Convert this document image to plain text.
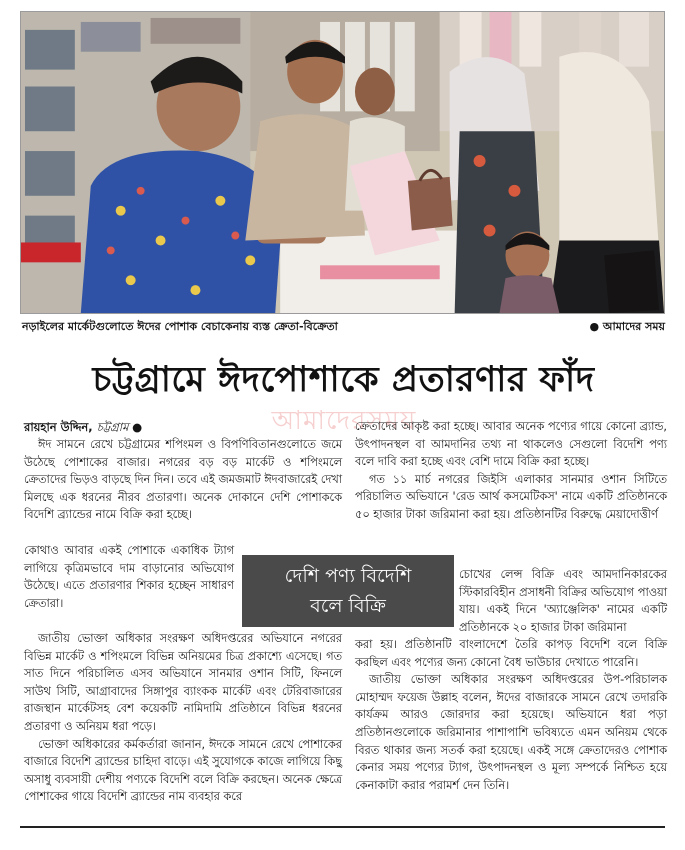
নড়াইলের মার্কেটগুলোতে ঈদের পোশাক বেচাকেনায় ব্যস্ত ক্রেতা-বিক্রেতা	● আমাদের সময়
চট্টগ্রামে ঈদপোশাকে প্রতারণার ফাঁদ
আমাদেরসময়
রায়হান উদ্দিন, চট্টগ্রাম ●

ঈদ সামনে রেখে চট্টগ্রামের শপিংমল ও বিপণিবিতানগুলোতে জমে উঠেছে পোশাকের বাজার। নগরের বড় বড় মার্কেট ও শপিংমলে ক্রেতাদের ভিড়ও বাড়ছে দিন দিন। তবে এই জমজমাট ঈদবাজারেই দেখা মিলছে এক ধরনের নীরব প্রতারণা। অনেক দোকানে দেশি পোশাককে বিদেশি ব্র্যান্ডের নামে বিক্রি করা হচ্ছে।

কোথাও আবার একই পোশাকে একাধিক ট্যাগ লাগিয়ে কৃত্রিমভাবে দাম বাড়ানোর অভিযোগ উঠেছে। এতে প্রতারণার শিকার হচ্ছেন সাধারণ ক্রেতারা।

জাতীয় ভোক্তা অধিকার সংরক্ষণ অধিদপ্তরের অভিযানে নগরের বিভিন্ন মার্কেট ও শপিংমলে বিভিন্ন অনিয়মের চিত্র প্রকাশ্যে এসেছে। গত সাত দিনে পরিচালিত এসব অভিযানে সানমার ওশান সিটি, ফিনলে সাউথ সিটি, আগ্রাবাদের সিঙ্গাপুর ব্যাংকক মার্কেট এবং টেরিবাজারের রাজস্থান মার্কেটসহ বেশ কয়েকটি নামিদামি প্রতিষ্ঠানে বিভিন্ন ধরনের প্রতারণা ও অনিয়ম ধরা পড়ে।

ভোক্তা অধিকারের কর্মকর্তারা জানান, ঈদকে সামনে রেখে পোশাকের বাজারে বিদেশি ব্র্যান্ডের চাহিদা বাড়ে। এই সুযোগকে কাজে লাগিয়ে কিছু অসাধু ব্যবসায়ী দেশীয় পণ্যকে বিদেশি বলে বিক্রি করছেন। অনেক ক্ষেত্রে পোশাকের গায়ে বিদেশি ব্র্যান্ডের নাম ব্যবহার করে

দেশি পণ্য বিদেশি
বলে বিক্রি

ক্রেতাদের আকৃষ্ট করা হচ্ছে। আবার অনেক পণ্যের গায়ে কোনো ব্র্যান্ড, উৎপাদনস্থল বা আমদানির তথ্য না থাকলেও সেগুলো বিদেশি পণ্য বলে দাবি করা হচ্ছে এবং বেশি দামে বিক্রি করা হচ্ছে।

গত ১১ মার্চ নগরের জিইসি এলাকার সানমার ওশান সিটিতে পরিচালিত অভিযানে 'রেড আর্থ কসমেটিকস' নামে একটি প্রতিষ্ঠানকে ৫০ হাজার টাকা জরিমানা করা হয়। প্রতিষ্ঠানটির বিরুদ্ধে মেয়াদোত্তীর্ণ

চোখের লেন্স বিক্রি এবং আমদানিকারকের স্টিকারবিহীন প্রসাধনী বিক্রির অভিযোগ পাওয়া যায়। একই দিনে 'অ্যাঞ্জেলিক' নামের একটি প্রতিষ্ঠানকে ২০ হাজার টাকা জরিমানা

করা হয়। প্রতিষ্ঠানটি বাংলাদেশে তৈরি কাপড় বিদেশি বলে বিক্রি করছিল এবং পণ্যের জন্য কোনো বৈধ ভাউচার দেখাতে পারেনি।

জাতীয় ভোক্তা অধিকার সংরক্ষণ অধিদপ্তরের উপ-পরিচালক মোহাম্মদ ফয়েজ উল্লাহ বলেন, ঈদের বাজারকে সামনে রেখে তদারকি কার্যক্রম আরও জোরদার করা হয়েছে। অভিযানে ধরা পড়া প্রতিষ্ঠানগুলোকে জরিমানার পাশাপাশি ভবিষ্যতে এমন অনিয়ম থেকে বিরত থাকার জন্য সতর্ক করা হয়েছে। একই সঙ্গে ক্রেতাদেরও পোশাক কেনার সময় পণ্যের ট্যাগ, উৎপাদনস্থল ও মূল্য সম্পর্কে নিশ্চিত হয়ে কেনাকাটা করার পরামর্শ দেন তিনি।
